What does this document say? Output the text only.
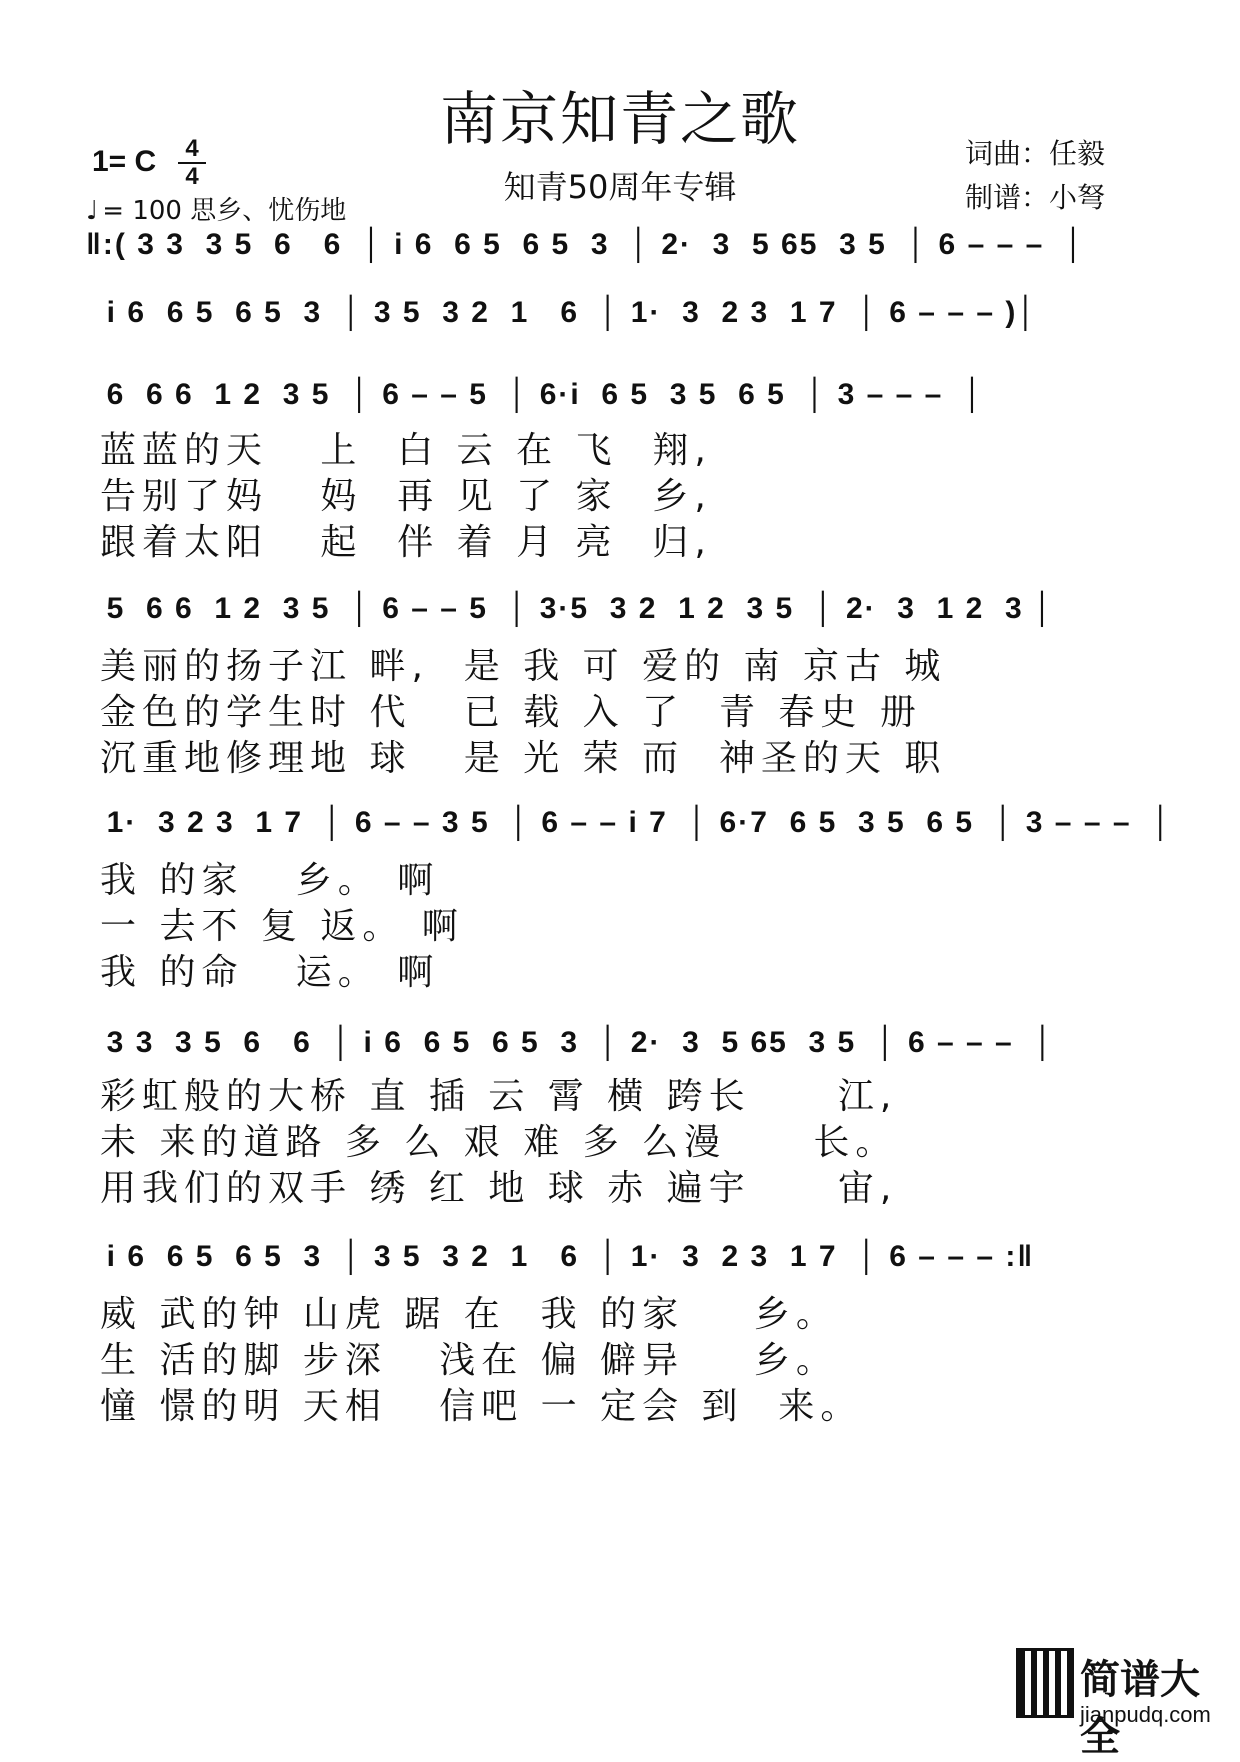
南京知青之歌
知青50周年专辑
1= C	4
4
♩ = 100 思乡、忧伤地
词曲：任毅
制谱：小弩
‖:( 3 3  3 5  6   6  │ i 6  6 5  6 5  3  │ 2·  3  5 65  3 5  │ 6 – – –  │
i 6  6 5  6 5  3  │ 3 5  3 2  1   6  │ 1·  3  2 3  1 7  │ 6 – – – )│
6  6 6  1 2  3 5  │ 6 – – 5  │ 6·i  6 5  3 5  6 5  │ 3 – – –  │
蓝蓝的天   上  白 云 在 飞  翔,
告别了妈   妈  再 见 了 家  乡,
跟着太阳   起  伴 着 月 亮  归,
5  6 6  1 2  3 5  │ 6 – – 5  │ 3·5  3 2  1 2  3 5  │ 2·  3  1 2  3 │
美丽的扬子江 畔,  是 我 可 爱的 南 京古 城
金色的学生时 代   已 载 入 了  青 春史 册
沉重地修理地 球   是 光 荣 而  神圣的天 职
1·  3 2 3  1 7  │ 6 – – 3 5  │ 6 – – i 7  │ 6·7  6 5  3 5  6 5  │ 3 – – –  │
我 的家   乡。 啊
一 去不 复 返。 啊
我 的命   运。 啊
3 3  3 5  6   6  │ i 6  6 5  6 5  3  │ 2·  3  5 65  3 5  │ 6 – – –  │
彩虹般的大桥 直 插 云 霄 横 跨长     江,
未 来的道路 多 么 艰 难 多 么漫     长。
用我们的双手 绣 红 地 球 赤 遍宇     宙,
i 6  6 5  6 5  3  │ 3 5  3 2  1   6  │ 1·  3  2 3  1 7  │ 6 – – – :‖
威 武的钟 山虎 踞 在  我 的家    乡。
生 活的脚 步深   浅在 偏 僻异    乡。
憧 憬的明 天相   信吧 一 定会 到  来。
简谱大全
jianpudq.com
